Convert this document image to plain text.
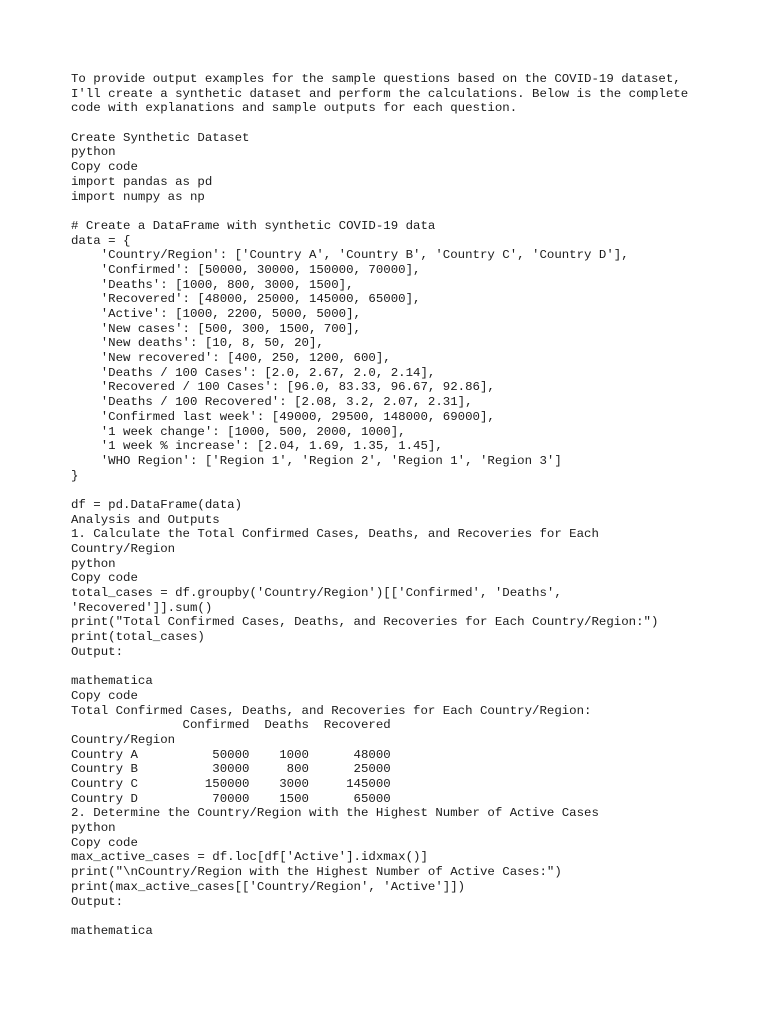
To provide output examples for the sample questions based on the COVID-19 dataset,
I'll create a synthetic dataset and perform the calculations. Below is the complete
code with explanations and sample outputs for each question.
Create Synthetic Dataset
python
Copy code
import pandas as pd
import numpy as np
# Create a DataFrame with synthetic COVID-19 data
data = {
'Country/Region': ['Country A', 'Country B', 'Country C', 'Country D'],
'Confirmed': [50000, 30000, 150000, 70000],
'Deaths': [1000, 800, 3000, 1500],
'Recovered': [48000, 25000, 145000, 65000],
'Active': [1000, 2200, 5000, 5000],
'New cases': [500, 300, 1500, 700],
'New deaths': [10, 8, 50, 20],
'New recovered': [400, 250, 1200, 600],
'Deaths / 100 Cases': [2.0, 2.67, 2.0, 2.14],
'Recovered / 100 Cases': [96.0, 83.33, 96.67, 92.86],
'Deaths / 100 Recovered': [2.08, 3.2, 2.07, 2.31],
'Confirmed last week': [49000, 29500, 148000, 69000],
'1 week change': [1000, 500, 2000, 1000],
'1 week % increase': [2.04, 1.69, 1.35, 1.45],
'WHO Region': ['Region 1', 'Region 2', 'Region 1', 'Region 3']
}
df = pd.DataFrame(data)
Analysis and Outputs
1. Calculate the Total Confirmed Cases, Deaths, and Recoveries for Each
Country/Region
python
Copy code
total_cases = df.groupby('Country/Region')[['Confirmed', 'Deaths',
'Recovered']].sum()
print("Total Confirmed Cases, Deaths, and Recoveries for Each Country/Region:")
print(total_cases)
Output:
mathematica
Copy code
Total Confirmed Cases, Deaths, and Recoveries for Each Country/Region:
Confirmed  Deaths  Recovered
Country/Region
Country A          50000    1000      48000
Country B          30000     800      25000
Country C         150000    3000     145000
Country D          70000    1500      65000
2. Determine the Country/Region with the Highest Number of Active Cases
python
Copy code
max_active_cases = df.loc[df['Active'].idxmax()]
print("\nCountry/Region with the Highest Number of Active Cases:")
print(max_active_cases[['Country/Region', 'Active']])
Output:
mathematica
